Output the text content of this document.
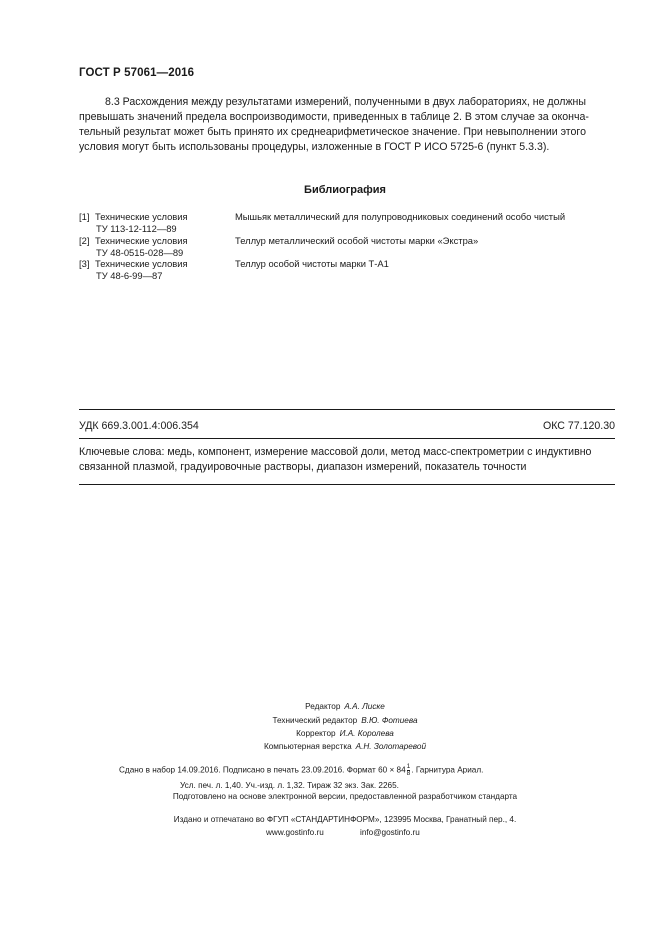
ГОСТ Р 57061—2016

8.3 Расхождения между результатами измерений, полученными в двух лабораториях, не должны

превышать значений предела воспроизводимости, приведенных в таблице 2. В этом случае за оконча-

тельный результат может быть принято их среднеарифметическое значение. При невыполнении этого

условия могут быть использованы процедуры, изложенные в ГОСТ Р ИСО 5725-6 (пункт 5.3.3).

Библиография
[1] Технические условия
ТУ 113-12-112—89
Мышьяк металлический для полупроводниковых соединений особо чистый
[2] Технические условия
ТУ 48-0515-028—89
Теллур металлический особой чистоты марки «Экстра»
[3] Технические условия
ТУ 48-6-99—87
Теллур особой чистоты марки Т-А1
УДК 669.3.001.4:006.354	ОКС 77.120.30
Ключевые слова: медь, компонент, измерение массовой доли, метод масс-спектрометрии с индуктивно
связанной плазмой, градуировочные растворы, диапазон измерений, показатель точности
Редактор А.А. Лиске
Технический редактор В.Ю. Фотиева
Корректор И.А. Королева
Компьютерная верстка А.Н. Золотаревой
Сдано в набор 14.09.2016. Подписано в печать 23.09.2016. Формат $60 \times 84 \frac{1}{8}$ . Гарнитура Ариал.
Усл. печ. л. 1,40. Уч.-изд. л. 1,32. Тираж 32 экз. Зак. 2265.
Подготовлено на основе электронной версии, предоставленной разработчиком стандарта
Издано и отпечатано во ФГУП «СТАНДАРТИНФОРМ», 123995 Москва, Гранатный пер., 4.
www.gostinfo.ru	info@gostinfo.ru
